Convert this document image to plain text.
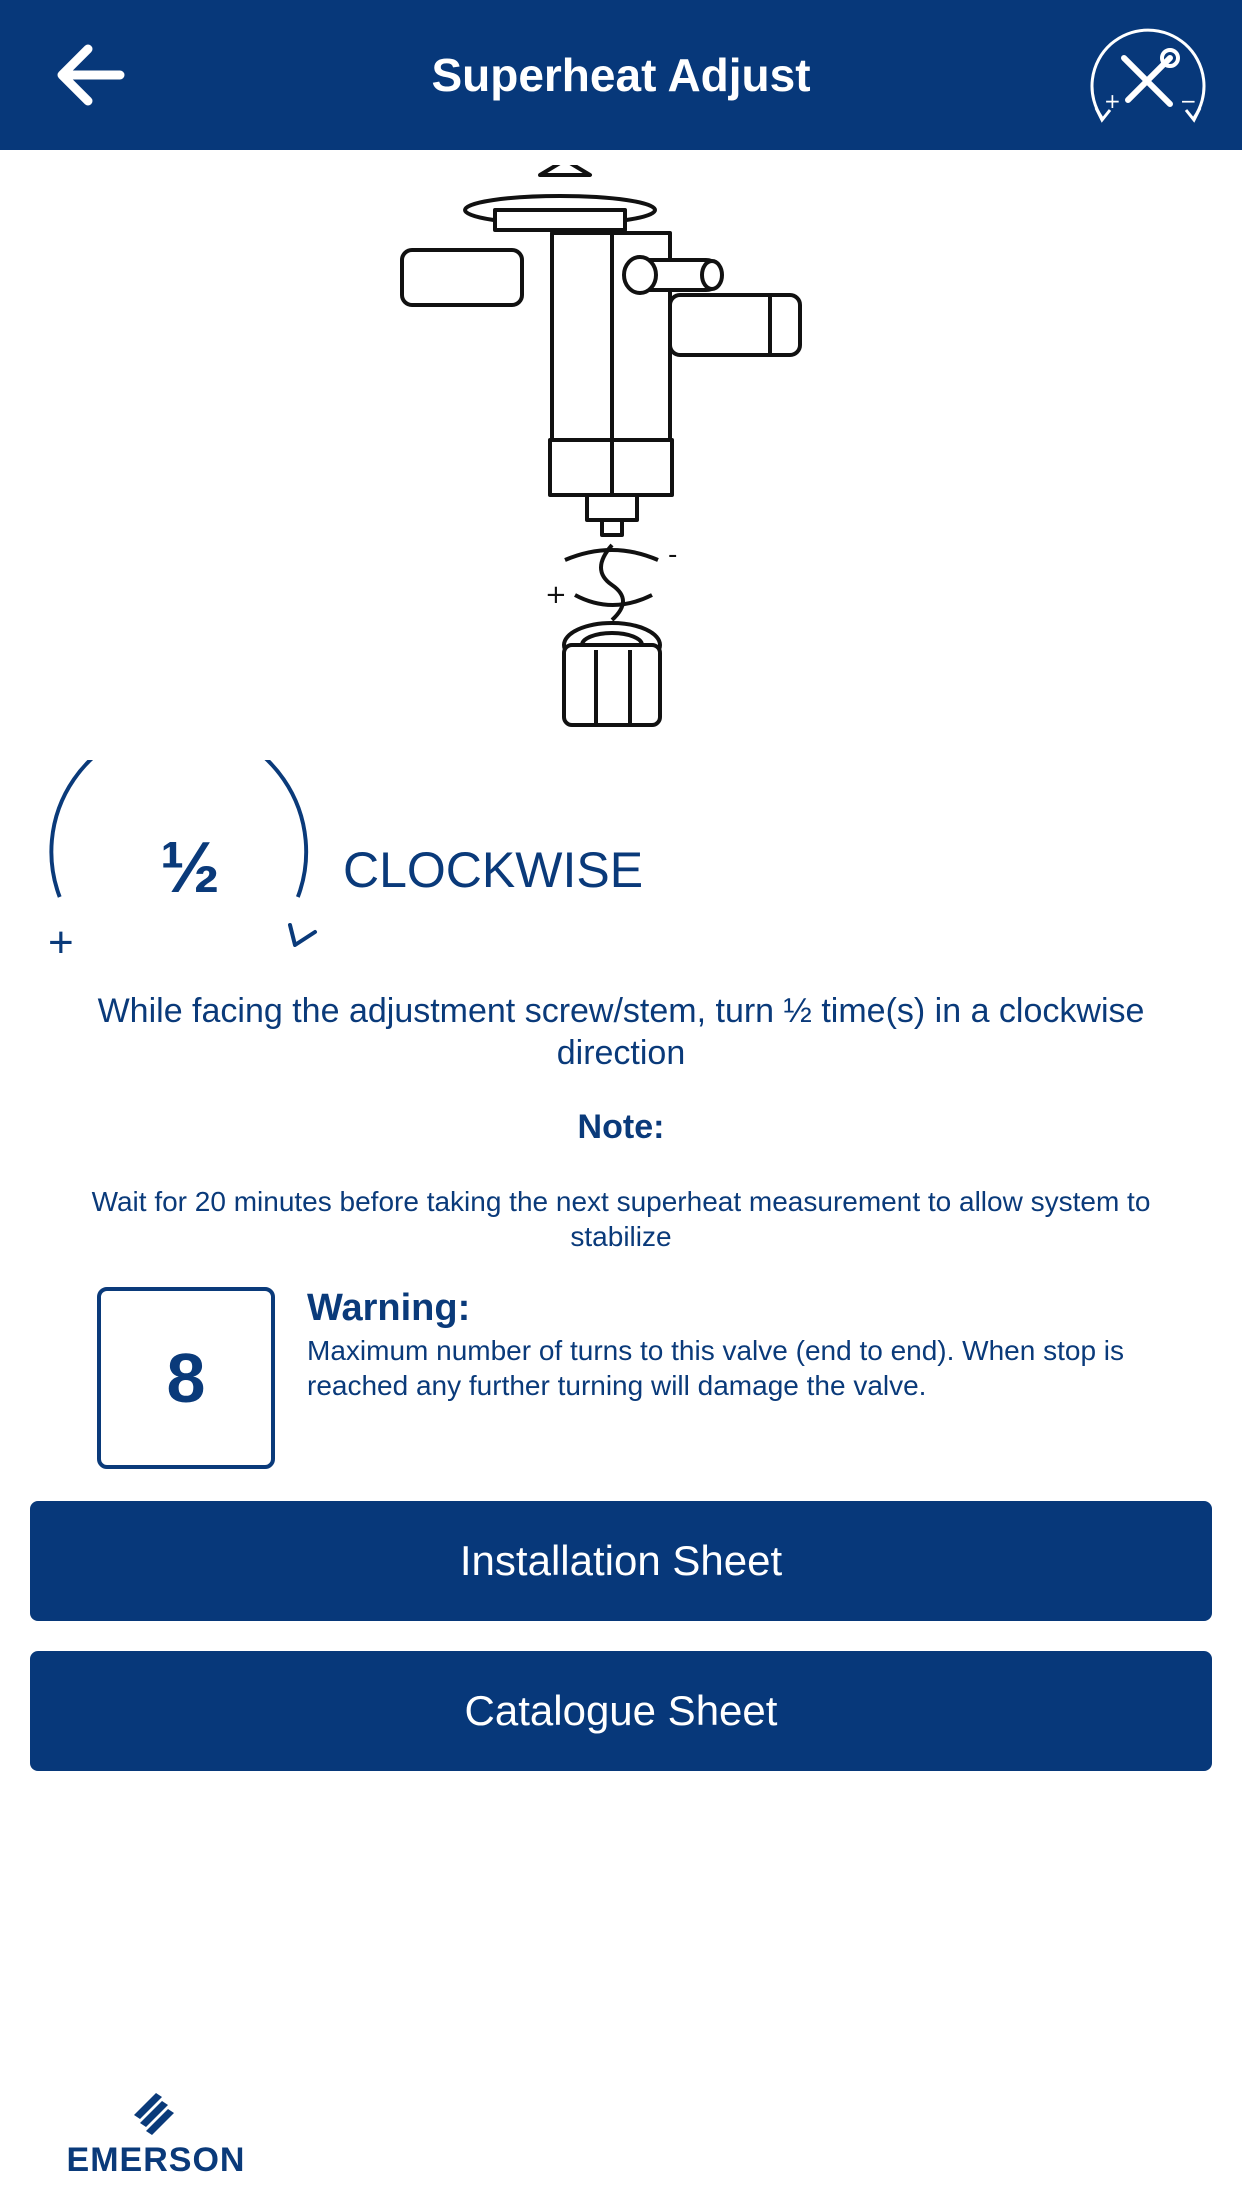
Superheat Adjust	+	−
-
+
+
½	CLOCKWISE
While facing the adjustment screw/stem, turn ½ time(s) in a clockwise direction
Note:
Wait for 20 minutes before taking the next superheat measurement to allow system to stabilize
8
Warning:
Maximum number of turns to this valve (end to end). When stop is reached any further turning will damage the valve.
Installation Sheet
Catalogue Sheet
EMERSON
